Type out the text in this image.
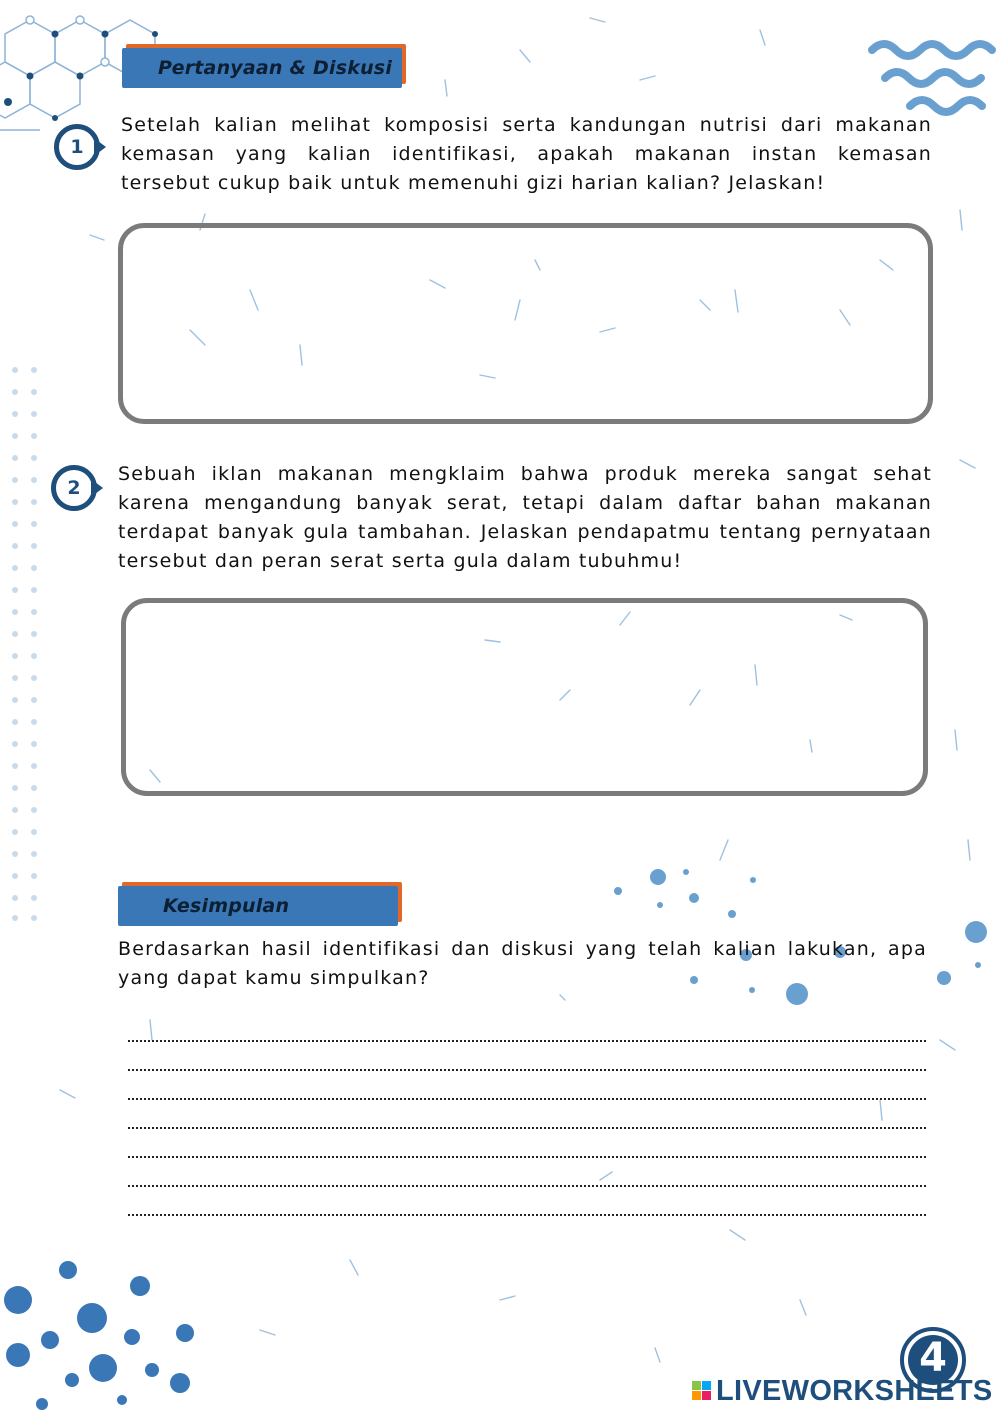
Pertanyaan & Diskusi
1
Setelah kalian melihat komposisi serta kandungan nutrisi dari makanan kemasan yang kalian identifikasi, apakah makanan instan kemasan tersebut cukup baik untuk memenuhi gizi harian kalian? Jelaskan!
2
Sebuah iklan makanan mengklaim bahwa produk mereka sangat sehat karena mengandung banyak serat, tetapi dalam daftar bahan makanan terdapat banyak gula tambahan. Jelaskan pendapatmu tentang pernyataan tersebut dan peran serat serta gula dalam tubuhmu!
Kesimpulan
Berdasarkan hasil identifikasi dan diskusi yang telah kalian lakukan, apa yang dapat kamu simpulkan?
4
LIVEWORKSHEETS
